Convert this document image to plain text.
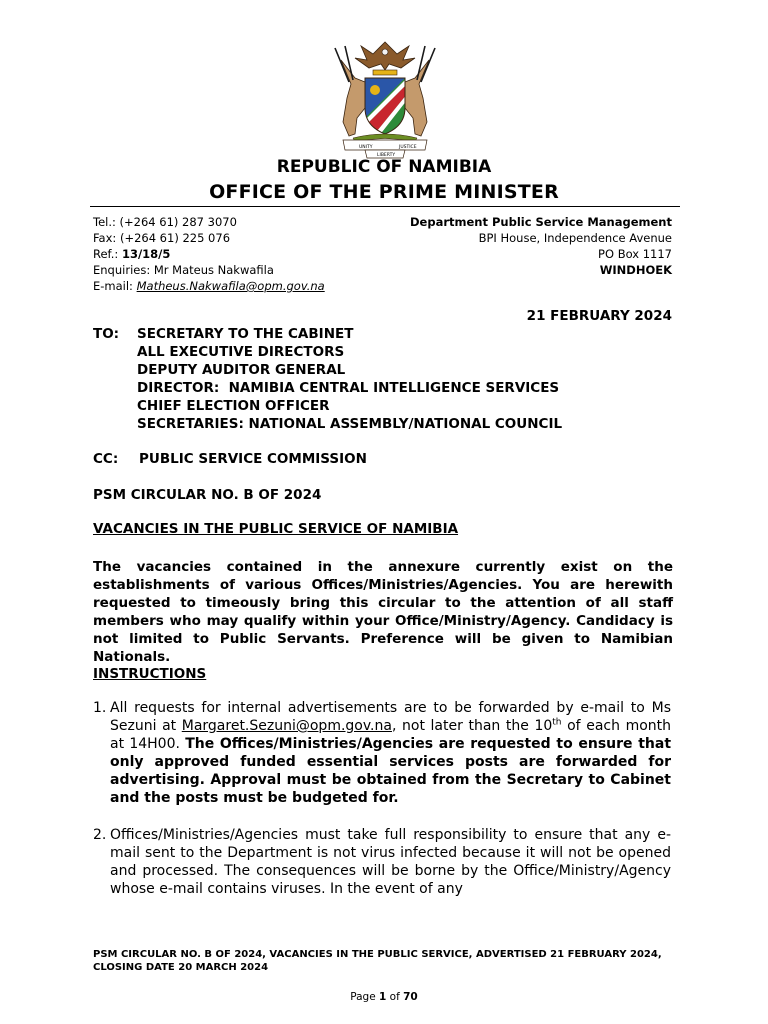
UNITY	JUSTICE
LIBERTY
REPUBLIC OF NAMIBIA
OFFICE OF THE PRIME MINISTER
Tel.: (+264 61) 287 3070
Fax: (+264 61) 225 076
Ref.: 13/18/5
Enquiries: Mr Mateus Nakwafila
E-mail: Matheus.Nakwafila@opm.gov.na
Department Public Service Management
BPI House, Independence Avenue
PO Box 1117
WINDHOEK
21 FEBRUARY 2024
TO: SECRETARY TO THE CABINET
ALL EXECUTIVE DIRECTORS
DEPUTY AUDITOR GENERAL
DIRECTOR:  NAMIBIA CENTRAL INTELLIGENCE SERVICES
CHIEF ELECTION OFFICER
SECRETARIES: NATIONAL ASSEMBLY/NATIONAL COUNCIL
CC: PUBLIC SERVICE COMMISSION
PSM CIRCULAR NO. B OF 2024
VACANCIES IN THE PUBLIC SERVICE OF NAMIBIA
The vacancies contained in the annexure currently exist on the establishments of various Offices/Ministries/Agencies. You are herewith requested to timeously bring this circular to the attention of all staff members who may qualify within your Office/Ministry/Agency. Candidacy is not limited to Public Servants. Preference will be given to Namibian Nationals.
INSTRUCTIONS
1. All requests for internal advertisements are to be forwarded by e-mail to Ms Sezuni at Margaret.Sezuni@opm.gov.na, not later than the 10th of each month at 14H00. The Offices/Ministries/Agencies are requested to ensure that only approved funded essential services posts are forwarded for advertising. Approval must be obtained from the Secretary to Cabinet and the posts must be budgeted for.
2. Offices/Ministries/Agencies must take full responsibility to ensure that any e-mail sent to the Department is not virus infected because it will not be opened and processed. The consequences will be borne by the Office/Ministry/Agency whose e-mail contains viruses. In the event of any
PSM CIRCULAR NO. B OF 2024, VACANCIES IN THE PUBLIC SERVICE, ADVERTISED 21 FEBRUARY 2024, CLOSING DATE 20 MARCH 2024
Page 1 of 70
